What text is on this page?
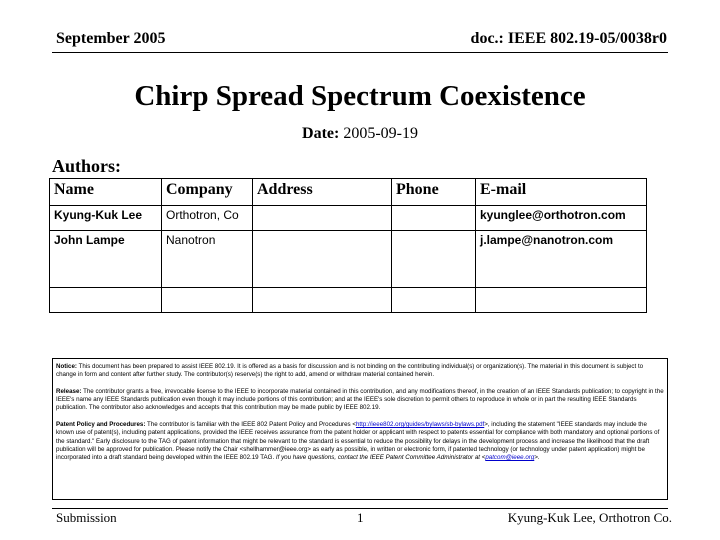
September 2005	doc.: IEEE 802.19-05/0038r0
Chirp Spread Spectrum Coexistence
Date: 2005-09-19
Authors:
Name	Company	Address	Phone	E-mail
Kyung-Kuk Lee	Orthotron, Co			kyunglee@orthotron.com
John Lampe	Nanotron			j.lampe@nanotron.com

Notice: This document has been prepared to assist IEEE 802.19. It is offered as a basis for discussion and is not binding on the contributing individual(s) or organization(s). The material in this document is subject to change in form and content after further study. The contributor(s) reserve(s) the right to add, amend or withdraw material contained herein.

Release: The contributor grants a free, irrevocable license to the IEEE to incorporate material contained in this contribution, and any modifications thereof, in the creation of an IEEE Standards publication; to copyright in the IEEE's name any IEEE Standards publication even though it may include portions of this contribution; and at the IEEE's sole discretion to permit others to reproduce in whole or in part the resulting IEEE Standards publication. The contributor also acknowledges and accepts that this contribution may be made public by IEEE 802.19.

Patent Policy and Procedures: The contributor is familiar with the IEEE 802 Patent Policy and Procedures <http://ieee802.org/guides/bylaws/sb-bylaws.pdf>, including the statement "IEEE standards may include the known use of patent(s), including patent applications, provided the IEEE receives assurance from the patent holder or applicant with respect to patents essential for compliance with both mandatory and optional portions of the standard." Early disclosure to the TAG of patent information that might be relevant to the standard is essential to reduce the possibility for delays in the development process and increase the likelihood that the draft publication will be approved for publication. Please notify the Chair <shellhammer@ieee.org> as early as possible, in written or electronic form, if patented technology (or technology under patent application) might be incorporated into a draft standard being developed within the IEEE 802.19 TAG. If you have questions, contact the IEEE Patent Committee Administrator at <patcom@ieee.org>.

Submission	1	Kyung-Kuk Lee, Orthotron Co.
